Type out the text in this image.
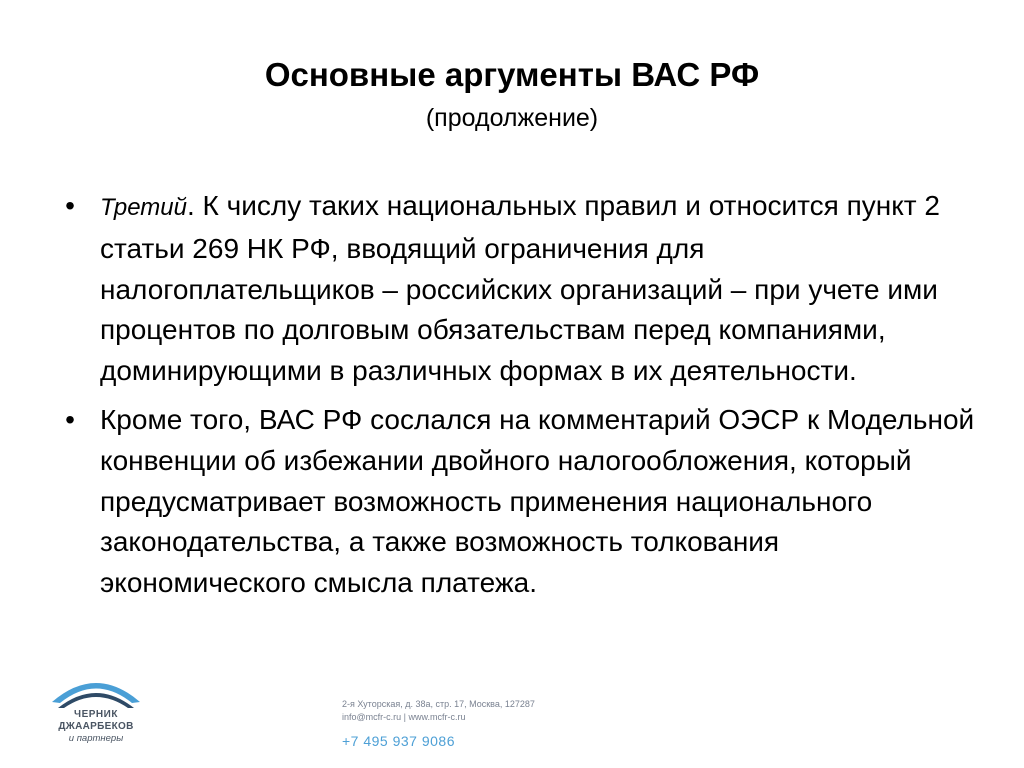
Основные аргументы ВАС РФ
(продолжение)
• Третий. К числу таких национальных правил и относится пункт 2 статьи 269 НК РФ, вводящий ограничения для налогоплательщиков – российских организаций – при учете ими процентов по долговым обязательствам перед компаниями, доминирующими в различных формах в их деятельности.
• Кроме того, ВАС РФ сослался на комментарий ОЭСР к Модельной конвенции об избежании двойного налогообложения, который предусматривает возможность применения национального законодательства, а также возможность толкования экономического смысла платежа.
ЧЕРНИК
ДЖААРБЕКОВ
и партнеры
2-я Хуторская, д. 38а, стр. 17, Москва, 127287
info@mcfr-c.ru | www.mcfr-c.ru
+7 495 937 9086
